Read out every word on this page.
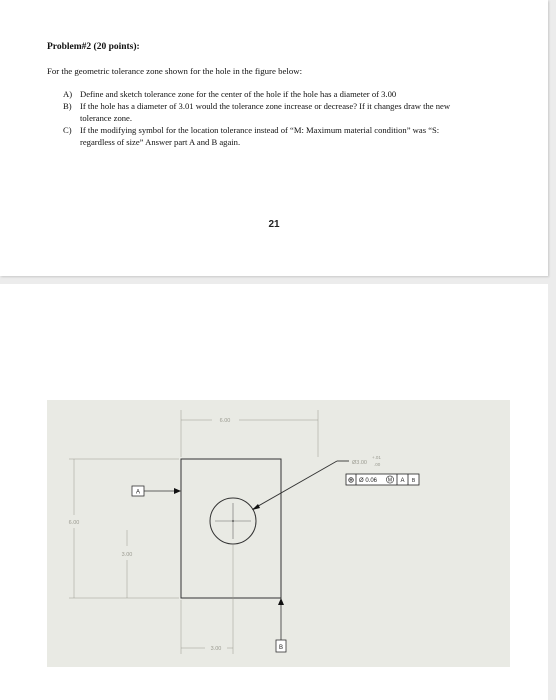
Problem#2 (20 points):
For the geometric tolerance zone shown for the hole in the figure below:
A) Define and sketch tolerance zone for the center of the hole if the hole has a diameter of 3.00
B) If the hole has a diameter of 3.01 would the tolerance zone increase or decrease? If it changes draw the new tolerance zone.
C) If the modifying symbol for the location tolerance instead of “M: Maximum material condition” was “S: regardless of size” Answer part A and B again.
21
6.00
6.00
3.00
3.00
A
B
Ø3.00
+.01
.00
⊕ Ø 0.06 M A B
